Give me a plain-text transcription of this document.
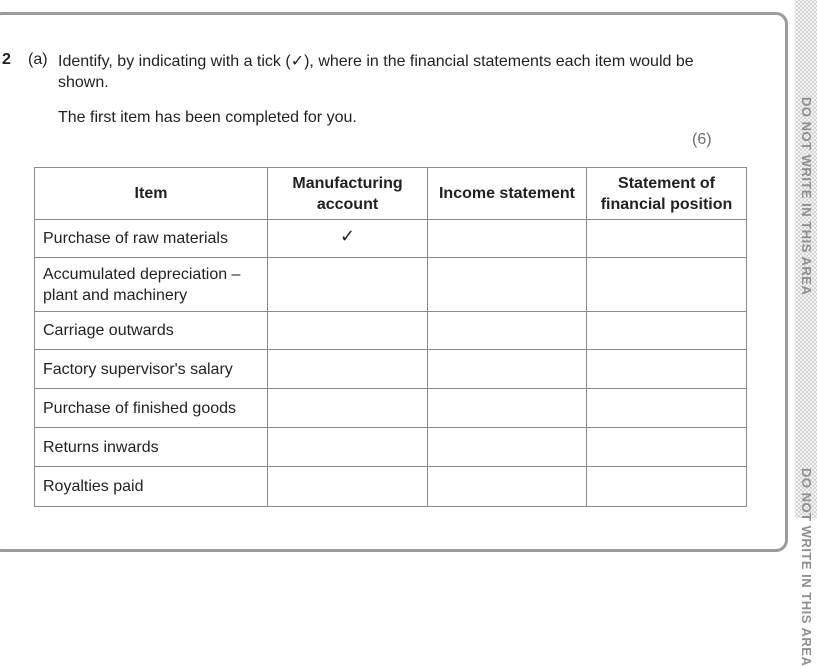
DO NOT WRITE IN THIS AREA
DO NOT WRITE IN THIS AREA
2 (a) Identify, by indicating with a tick (✓), where in the financial statements each item would be shown.
The first item has been completed for you.
(6)
Item	Manufacturing account	Income statement	Statement of financial position
Purchase of raw materials	✓		
Accumulated depreciation – plant and machinery			
Carriage outwards			
Factory supervisor's salary			
Purchase of finished goods			
Returns inwards			
Royalties paid			
